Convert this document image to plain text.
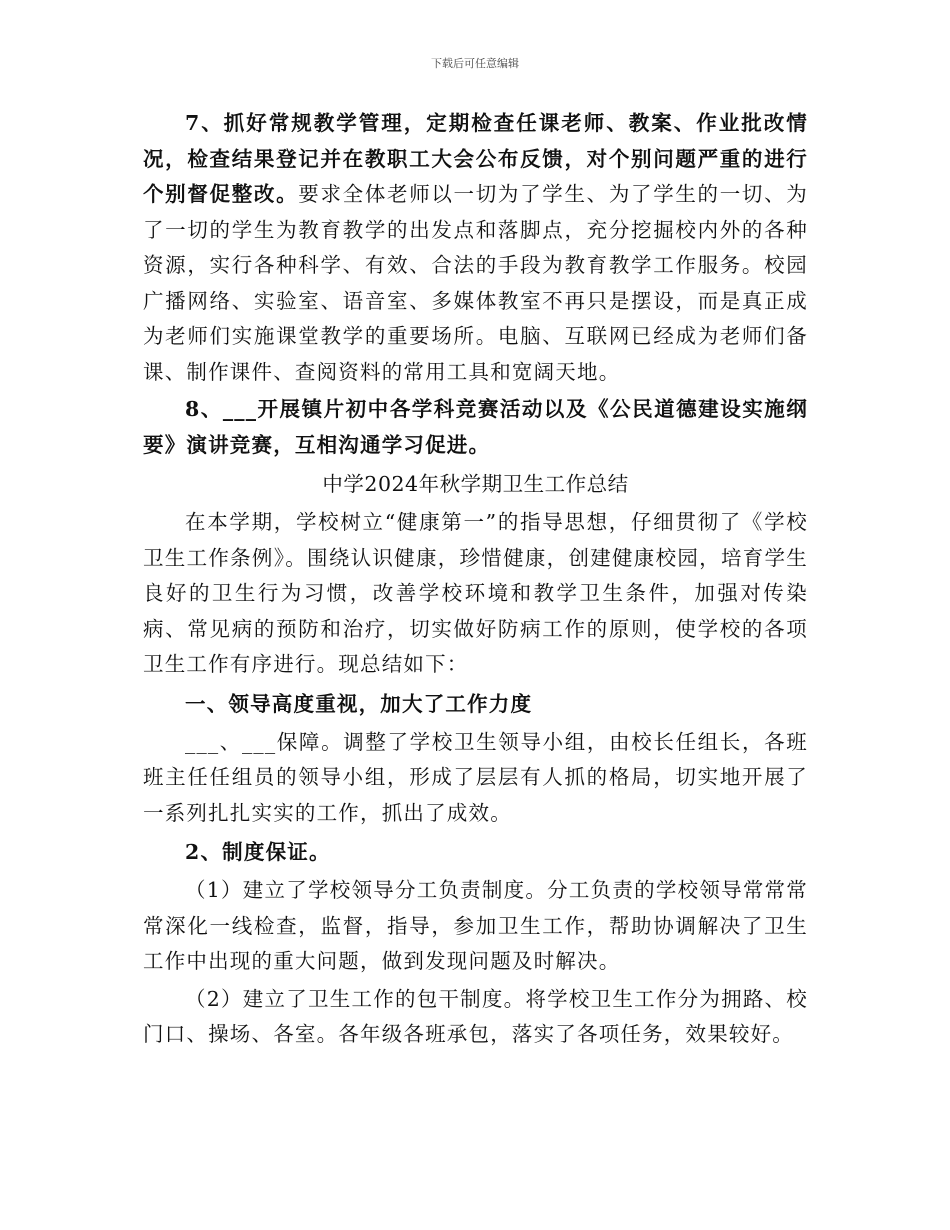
下载后可任意编辑

7、抓好常规教学管理，定期检查任课老师、教案、作业批改情况，检查结果登记并在教职工大会公布反馈，对个别问题严重的进行个别督促整改。要求全体老师以一切为了学生、为了学生的一切、为了一切的学生为教育教学的出发点和落脚点，充分挖掘校内外的各种资源，实行各种科学、有效、合法的手段为教育教学工作服务。校园广播网络、实验室、语音室、多媒体教室不再只是摆设，而是真正成为老师们实施课堂教学的重要场所。电脑、互联网已经成为老师们备课、制作课件、查阅资料的常用工具和宽阔天地。

8、___开展镇片初中各学科竞赛活动以及《公民道德建设实施纲要》演讲竞赛，互相沟通学习促进。

中学2024年秋学期卫生工作总结

在本学期，学校树立“健康第一”的指导思想，仔细贯彻了《学校卫生工作条例》。围绕认识健康，珍惜健康，创建健康校园，培育学生良好的卫生行为习惯，改善学校环境和教学卫生条件，加强对传染病、常见病的预防和治疗，切实做好防病工作的原则，使学校的各项卫生工作有序进行。现总结如下：

一、领导高度重视，加大了工作力度

___、___保障。调整了学校卫生领导小组，由校长任组长，各班班主任任组员的领导小组，形成了层层有人抓的格局，切实地开展了一系列扎扎实实的工作，抓出了成效。

2、制度保证。

（1）建立了学校领导分工负责制度。分工负责的学校领导常常常常深化一线检查，监督，指导，参加卫生工作，帮助协调解决了卫生工作中出现的重大问题，做到发现问题及时解决。

（2）建立了卫生工作的包干制度。将学校卫生工作分为拥路、校门口、操场、各室。各年级各班承包，落实了各项任务，效果较好。
